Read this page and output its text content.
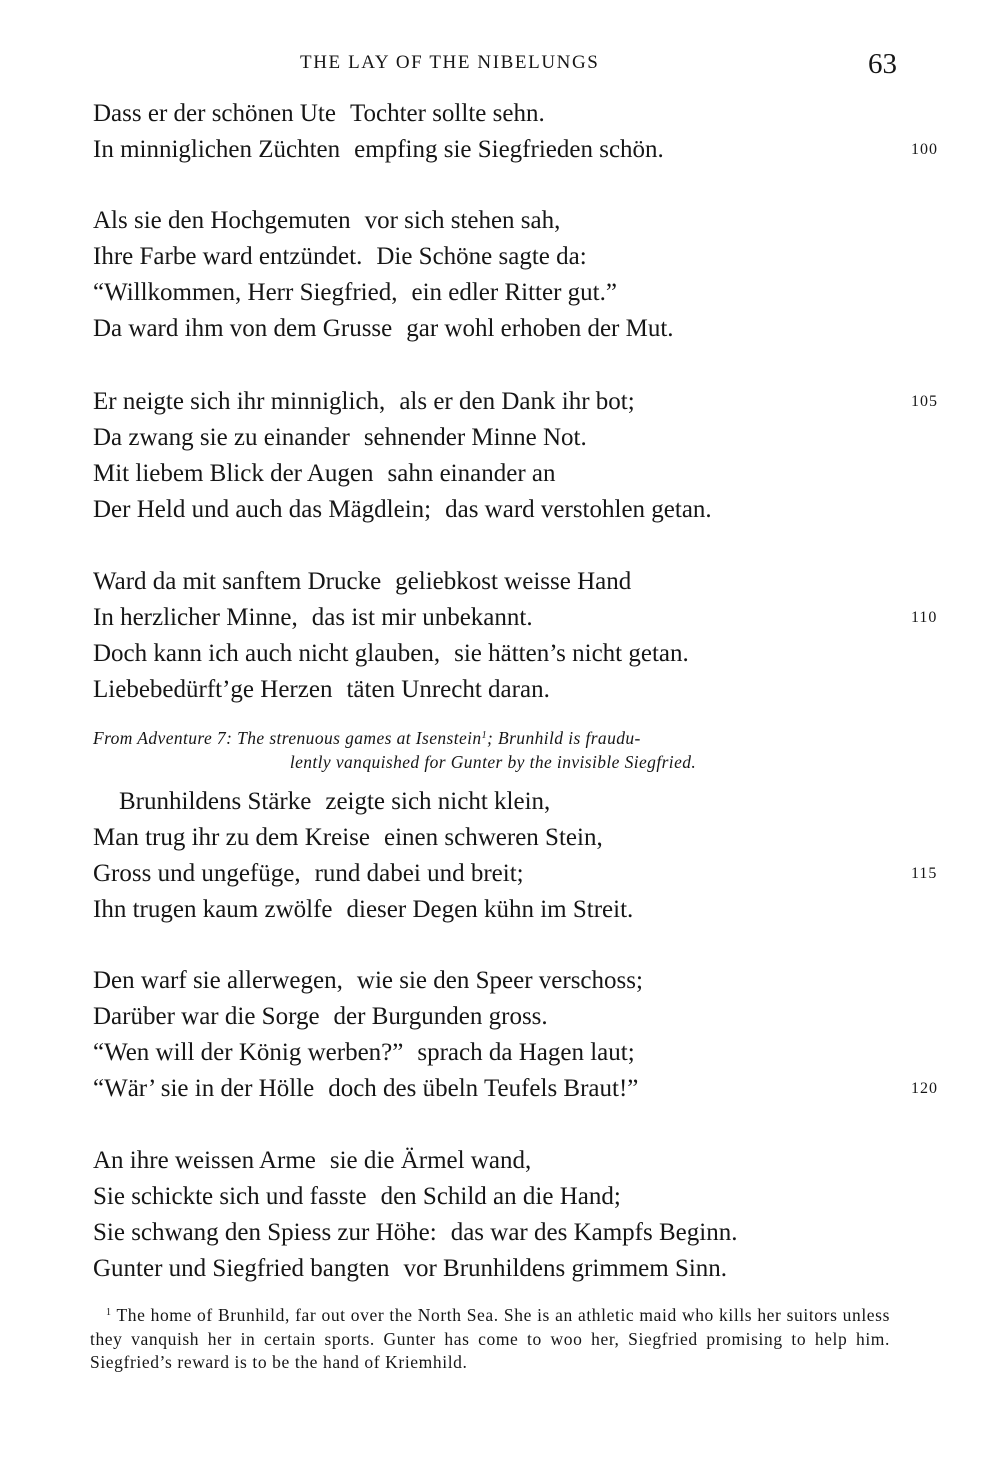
THE LAY OF THE NIBELUNGS	63
Dass er der schönen Ute Tochter sollte sehn.
In minniglichen Züchten empfing sie Siegfrieden schön.	100
Als sie den Hochgemuten vor sich stehen sah,
Ihre Farbe ward entzündet. Die Schöne sagte da:
“Willkommen, Herr Siegfried, ein edler Ritter gut.”
Da ward ihm von dem Grusse gar wohl erhoben der Mut.
Er neigte sich ihr minniglich, als er den Dank ihr bot;	105
Da zwang sie zu einander sehnender Minne Not.
Mit liebem Blick der Augen sahn einander an
Der Held und auch das Mägdlein; das ward verstohlen getan.
Ward da mit sanftem Drucke geliebkost weisse Hand
In herzlicher Minne, das ist mir unbekannt.	110
Doch kann ich auch nicht glauben, sie hätten’s nicht getan.
Liebebedürft’ge Herzen täten Unrecht daran.
From Adventure 7: The strenuous games at Isenstein$^1$; Brunhild is fraudu-
lently vanquished for Gunter by the invisible Siegfried.
Brunhildens Stärke zeigte sich nicht klein,
Man trug ihr zu dem Kreise einen schweren Stein,
Gross und ungefüge, rund dabei und breit;	115
Ihn trugen kaum zwölfe dieser Degen kühn im Streit.
Den warf sie allerwegen, wie sie den Speer verschoss;
Darüber war die Sorge der Burgunden gross.
“Wen will der König werben?” sprach da Hagen laut;
“Wär’ sie in der Hölle doch des übeln Teufels Braut!”	120
An ihre weissen Arme sie die Ärmel wand,
Sie schickte sich und fasste den Schild an die Hand;
Sie schwang den Spiess zur Höhe: das war des Kampfs Beginn.
Gunter und Siegfried bangten vor Brunhildens grimmem Sinn.
$^1$ The home of Brunhild, far out over the North Sea. She is an athletic maid who kills her suitors unless they vanquish her in certain sports. Gunter has come to woo her, Siegfried promising to help him. Siegfried’s reward is to be the hand of Kriemhild.
